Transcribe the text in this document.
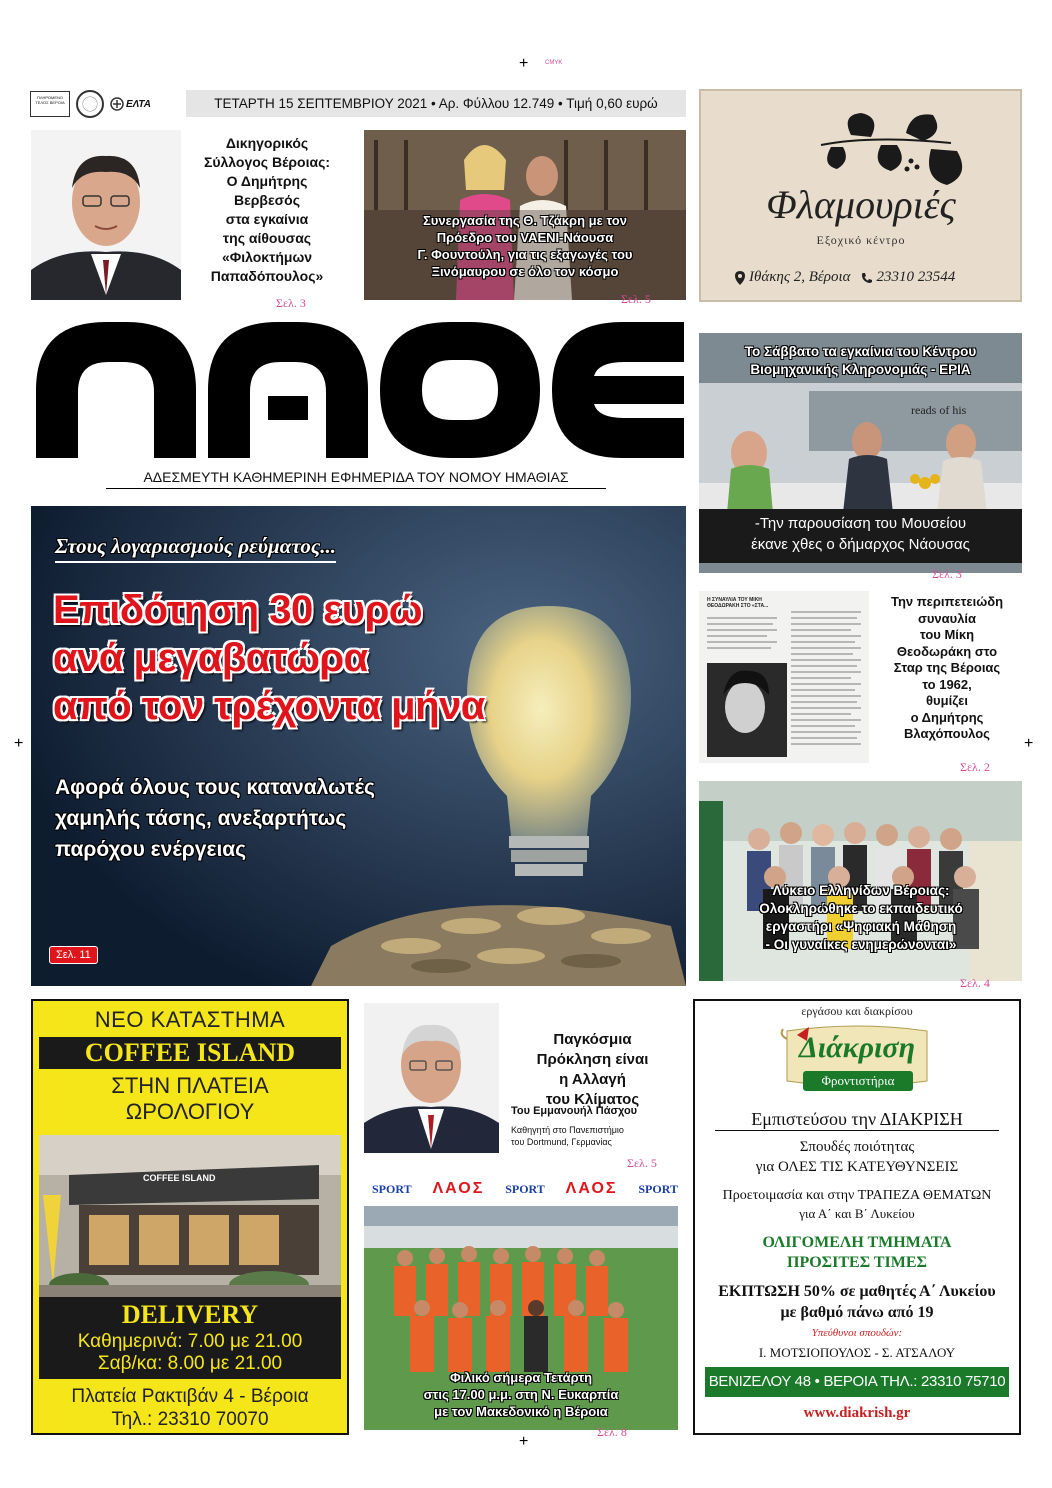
+	CMYK
+	+
+
ΠΛΗΡΩΜΕΝΟ ΤΕΛΟΣ ΒΕΡΟΙΑ	ΕΛΤΑ	ΤΕΤΑΡΤΗ 15 ΣΕΠΤΕΜΒΡΙΟΥ 2021 • Αρ. Φύλλου 12.749 • Τιμή 0,60 ευρώ
Δικηγορικός
Σύλλογος Βέροιας:
Ο Δημήτρης
Βερβεσός
στα εγκαίνια
της αίθουσας
«Φιλοκτήμων
Παπαδόπουλος»
Σελ. 3
Συνεργασία της Θ. Τζάκρη με τον
Πρόεδρο του VAENI-Νάουσα
Γ. Φουντούλη, για τις εξαγωγές του
Ξινόμαυρου σε όλο τον κόσμο
Σελ. 5
Φλαμουριές
Εξοχικό κέντρο
Ιθάκης 2, Βέροια 23310 23544
ΑΔΕΣΜΕΥΤΗ ΚΑΘΗΜΕΡΙΝΗ ΕΦΗΜΕΡΙΔΑ ΤΟΥ ΝΟΜΟΥ ΗΜΑΘΙΑΣ
Το Σάββατο τα εγκαίνια του Κέντρου
Βιομηχανικής Κληρονομιάς - ΕΡΙΑ
reads of his
-Την παρουσίαση του Μουσείου
έκανε χθες ο δήμαρχος Νάουσας
Σελ. 3
Στους λογαριασμούς ρεύματος...
Επιδότηση 30 ευρώ
ανά μεγαβατώρα
από τον τρέχοντα μήνα
Αφορά όλους τους καταναλωτές
χαμηλής τάσης, ανεξαρτήτως
παρόχου ενέργειας
Σελ. 11
Η ΣΥΝΑΥΛΙΑ ΤΟΥ ΜΙΚΗ ΘΕΟΔΩΡΑΚΗ ΣΤΟ «ΣΤΑ...	Την περιπετειώδη
συναυλία
του Μίκη
Θεοδωράκη στο
Σταρ της Βέροιας
το 1962,
θυμίζει
ο Δημήτρης
Βλαχόπουλος
Σελ. 2
Λύκειο Ελληνίδων Βέροιας:
Ολοκληρώθηκε το εκπαιδευτικό
εργαστήρι «Ψηφιακή Μάθηση
- Οι γυναίκες ενημερώνονται»
Σελ. 4
ΝΕΟ ΚΑΤΑΣΤΗΜΑ
COFFEE ISLAND
ΣΤΗΝ ΠΛΑΤΕΙΑ
ΩΡΟΛΟΓΙΟΥ
COFFEE ISLAND
DELIVERY
Καθημερινά: 7.00 με 21.00
Σαβ/κα: 8.00 με 21.00
Πλατεία Ρακτιβάν 4 - Βέροια
Τηλ.: 23310 70070
Παγκόσμια
Πρόκληση είναι
η Αλλαγή
του Κλίματος
Του Εμμανουήλ Πάσχου
Καθηγητή στο Πανεπιστήμιο
του Dortmund, Γερμανίας
Σελ. 5
SPORT ΛΑΟΣ SPORT ΛΑΟΣ SPORT
Φιλικό σήμερα Τετάρτη
στις 17.00 μ.μ. στη Ν. Ευκαρπία
με τον Μακεδονικό η Βέροια
Σελ. 8
εργάσου και διακρίσου
Διάκριση
Φροντιστήρια
Εμπιστεύσου την ΔΙΑΚΡΙΣΗ
Σπουδές ποιότητας
για ΟΛΕΣ ΤΙΣ ΚΑΤΕΥΘΥΝΣΕΙΣ
Προετοιμασία και στην ΤΡΑΠΕΖΑ ΘΕΜΑΤΩΝ
για Α΄ και Β΄ Λυκείου
ΟΛΙΓΟΜΕΛΗ ΤΜΗΜΑΤΑ
ΠΡΟΣΙΤΕΣ ΤΙΜΕΣ
ΕΚΠΤΩΣΗ 50% σε μαθητές Α΄ Λυκείου
με βαθμό πάνω από 19
Υπεύθυνοι σπουδών:
Ι. ΜΟΤΣΙΟΠΟΥΛΟΣ - Σ. ΑΤΣΑΛΟΥ
ΒΕΝΙΖΕΛΟΥ 48 • ΒΕΡΟΙΑ ΤΗΛ.: 23310 75710
www.diakrish.gr
